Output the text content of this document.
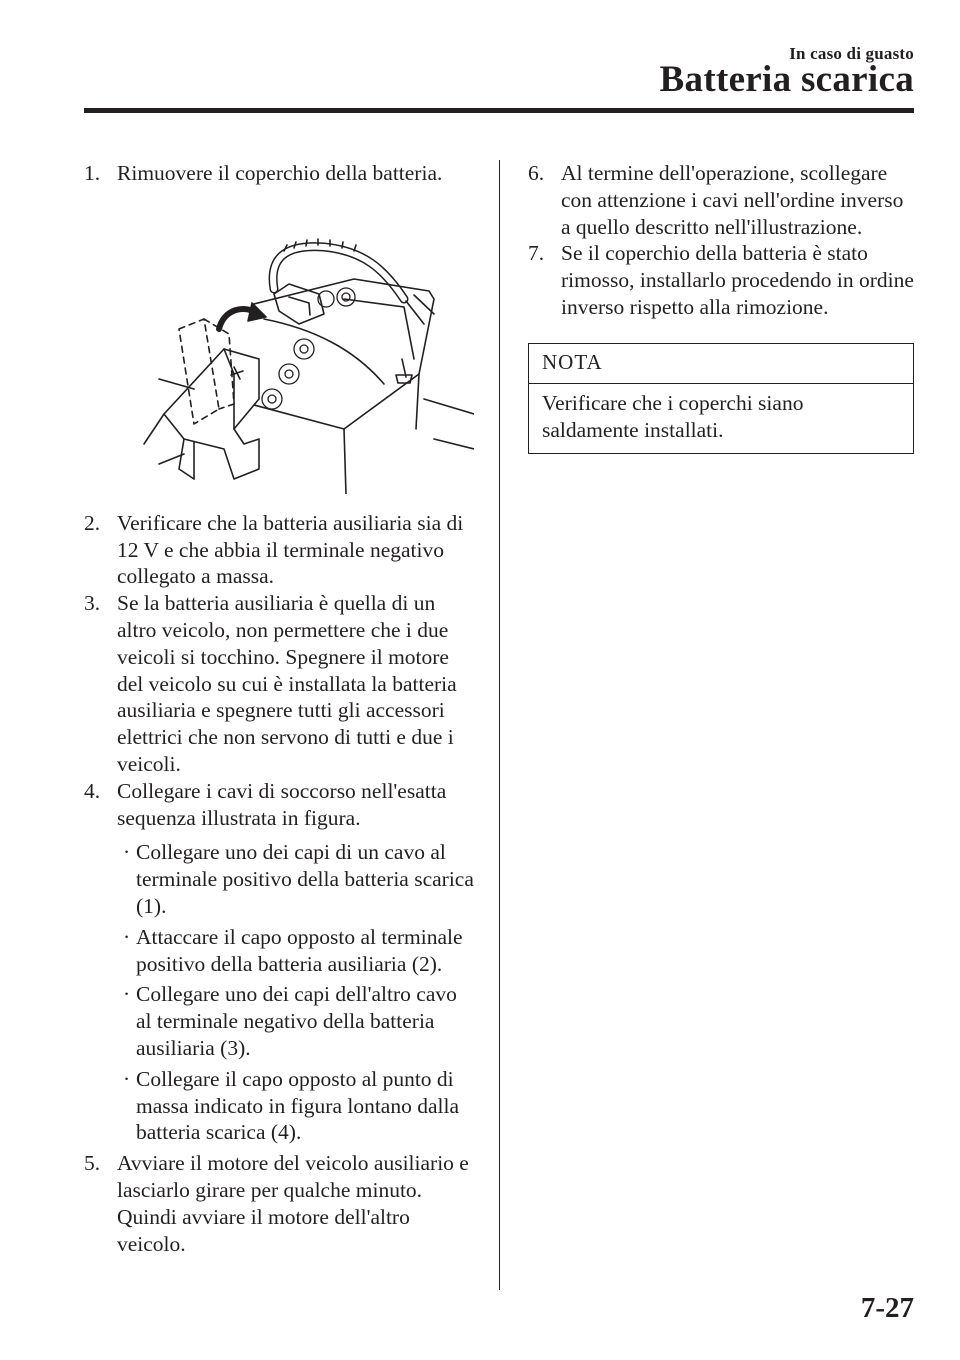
In caso di guasto
Batteria scarica

1. Rimuovere il coperchio della batteria.

2. Verificare che la batteria ausiliaria sia di 12 V e che abbia il terminale negativo collegato a massa.

3. Se la batteria ausiliaria è quella di un altro veicolo, non permettere che i due veicoli si tocchino. Spegnere il motore del veicolo su cui è installata la batteria ausiliaria e spegnere tutti gli accessori elettrici che non servono di tutti e due i veicoli.

4. Collegare i cavi di soccorso nell'esatta sequenza illustrata in figura.

· Collegare uno dei capi di un cavo al terminale positivo della batteria scarica (1).
· Attaccare il capo opposto al terminale positivo della batteria ausiliaria (2).
· Collegare uno dei capi dell'altro cavo al terminale negativo della batteria ausiliaria (3).
· Collegare il capo opposto al punto di massa indicato in figura lontano dalla batteria scarica (4).

5. Avviare il motore del veicolo ausiliario e lasciarlo girare per qualche minuto. Quindi avviare il motore dell'altro veicolo.

6. Al termine dell'operazione, scollegare con attenzione i cavi nell'ordine inverso a quello descritto nell'illustrazione.

7. Se il coperchio della batteria è stato rimosso, installarlo procedendo in ordine inverso rispetto alla rimozione.

NOTA
Verificare che i coperchi siano saldamente installati.
7-27
